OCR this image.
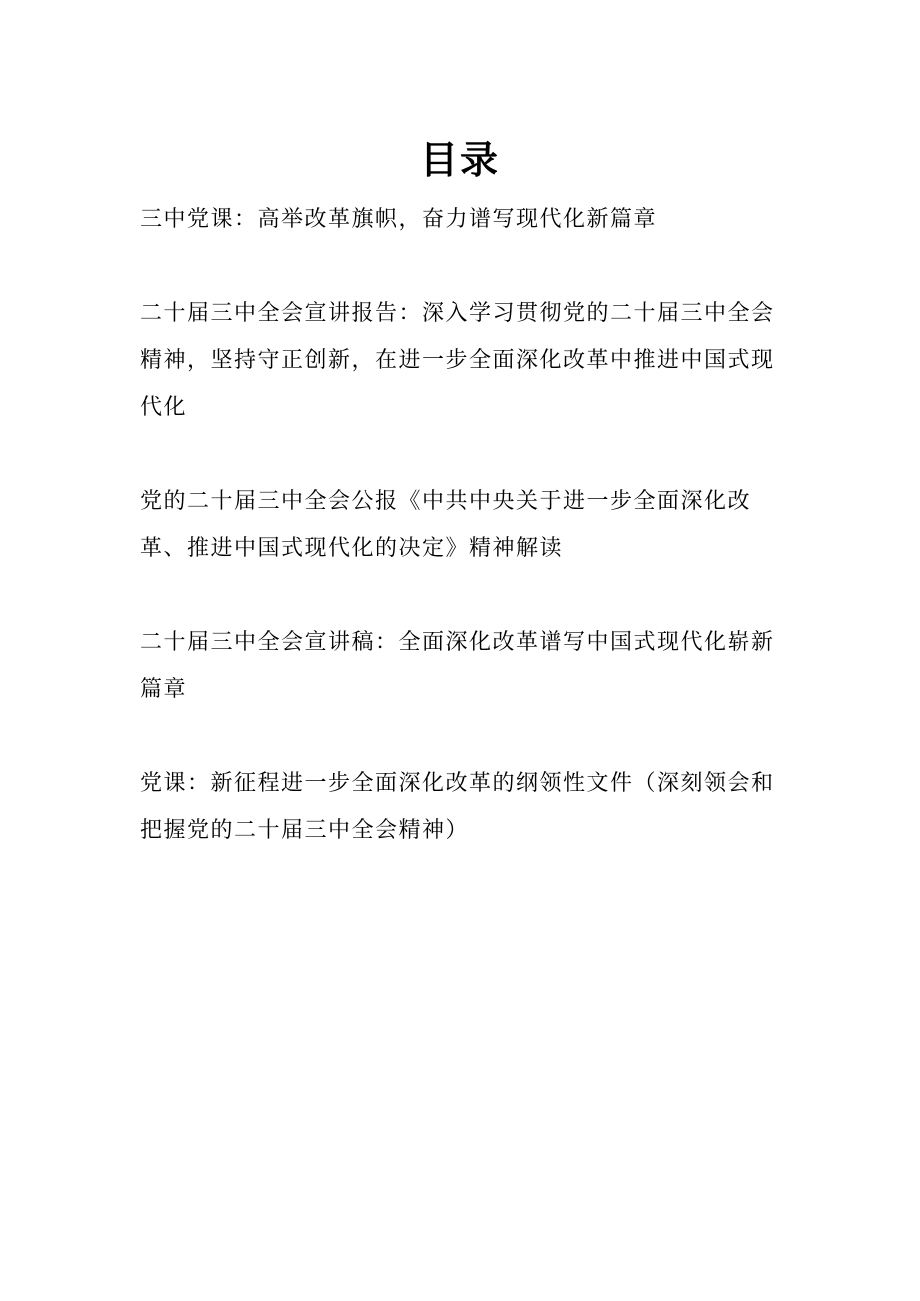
目录
三中党课：高举改革旗帜，奋力谱写现代化新篇章
二十届三中全会宣讲报告：深入学习贯彻党的二十届三中全会精神，坚持守正创新，在进一步全面深化改革中推进中国式现代化
党的二十届三中全会公报《中共中央关于进一步全面深化改革、推进中国式现代化的决定》精神解读
二十届三中全会宣讲稿：全面深化改革谱写中国式现代化崭新篇章
党课：新征程进一步全面深化改革的纲领性文件（深刻领会和把握党的二十届三中全会精神）
